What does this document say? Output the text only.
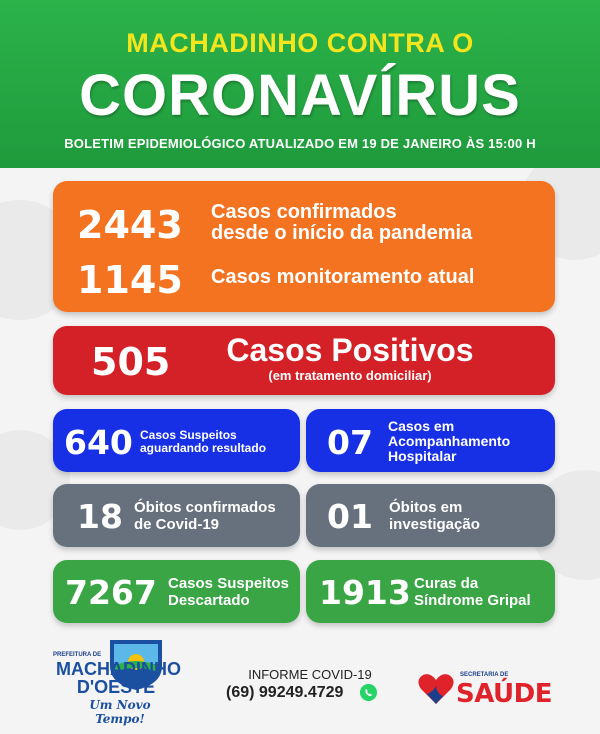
MACHADINHO CONTRA O
CORONAVÍRUS
BOLETIM EPIDEMIOLÓGICO ATUALIZADO EM 19 DE JANEIRO ÀS 15:00 H
2443 Casos confirmados
desde o início da pandemia
1145 Casos monitoramento atual
505 Casos Positivos
(em tratamento domiciliar)
640 Casos Suspeitos
aguardando resultado 07 Casos em
Acompanhamento
Hospitalar
18 Óbitos confirmados
de Covid-19	01 Óbitos em
investigação
7267 Casos Suspeitos
Descartado 1913 Curas da
Síndrome Gripal
PREFEITURA DE
MACHADINHO
D'OESTE
Um Novo Tempo!
INFORME COVID-19
(69) 99249.4729
SECRETARIA DE
SAÚDE
